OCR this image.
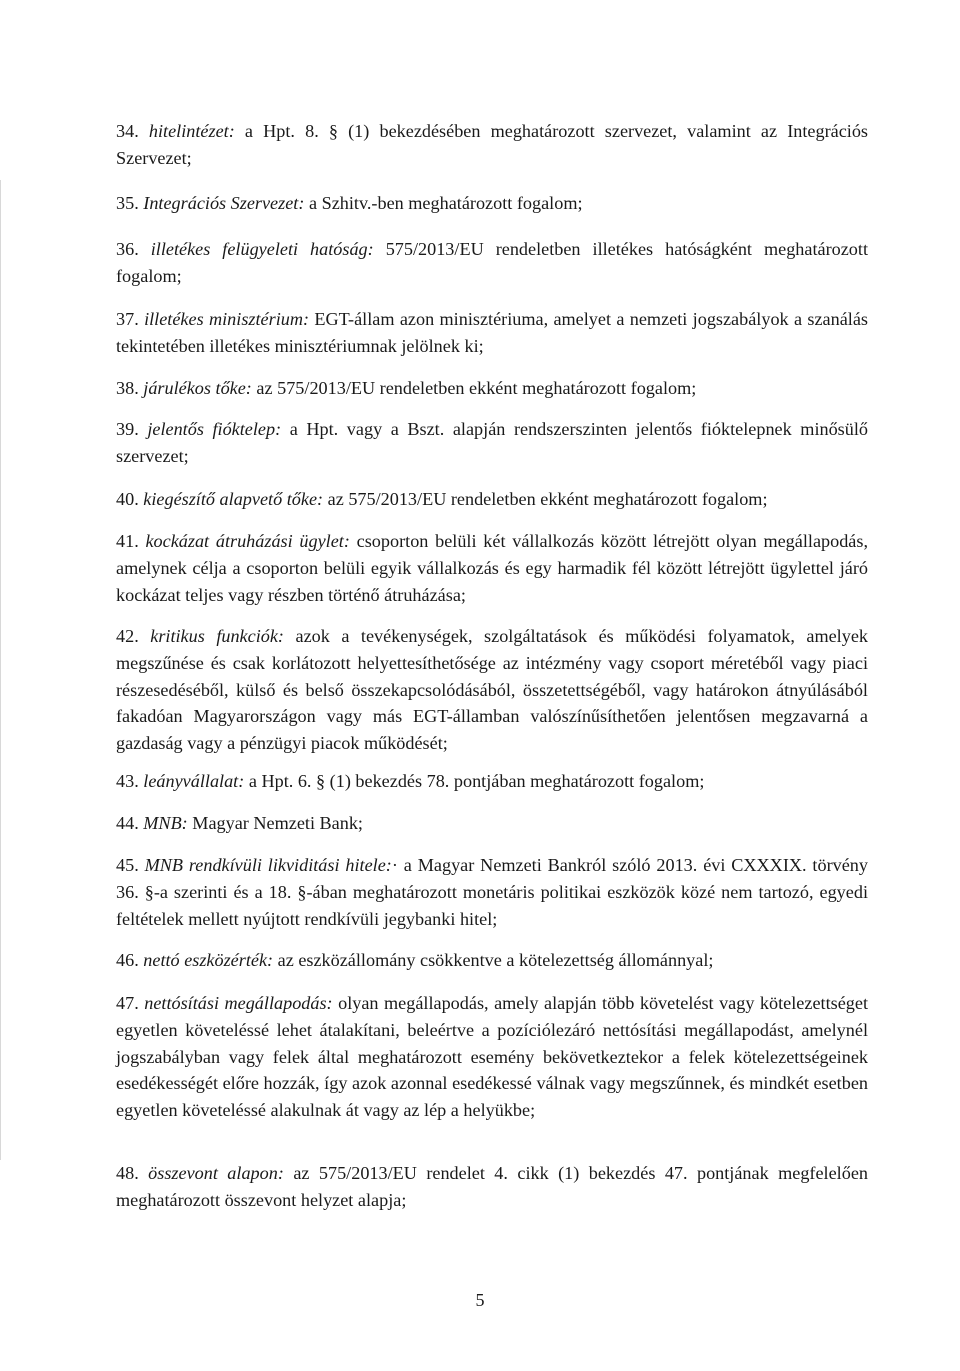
34. hitelintézet: a Hpt. 8. § (1) bekezdésében meghatározott szervezet, valamint az Integrációs Szervezet;

35. Integrációs Szervezet: a Szhitv.-ben meghatározott fogalom;

36. illetékes felügyeleti hatóság: 575/2013/EU rendeletben illetékes hatóságként meghatározott fogalom;

37. illetékes minisztérium: EGT-állam azon minisztériuma, amelyet a nemzeti jogszabályok a szanálás tekintetében illetékes minisztériumnak jelölnek ki;

38. járulékos tőke: az 575/2013/EU rendeletben ekként meghatározott fogalom;

39. jelentős fióktelep: a Hpt. vagy a Bszt. alapján rendszerszinten jelentős fióktelepnek minősülő szervezet;

40. kiegészítő alapvető tőke: az 575/2013/EU rendeletben ekként meghatározott fogalom;

41. kockázat átruházási ügylet: csoporton belüli két vállalkozás között létrejött olyan megállapodás, amelynek célja a csoporton belüli egyik vállalkozás és egy harmadik fél között létrejött ügylettel járó kockázat teljes vagy részben történő átruházása;

42. kritikus funkciók: azok a tevékenységek, szolgáltatások és működési folyamatok, amelyek megszűnése és csak korlátozott helyettesíthetősége az intézmény vagy csoport méretéből vagy piaci részesedéséből, külső és belső összekapcsolódásából, összetettségéből, vagy határokon átnyúlásából fakadóan Magyarországon vagy más EGT-államban valószínűsíthetően jelentősen megzavarná a gazdaság vagy a pénzügyi piacok működését;

43. leányvállalat: a Hpt. 6. § (1) bekezdés 78. pontjában meghatározott fogalom;

44. MNB: Magyar Nemzeti Bank;

45. MNB rendkívüli likviditási hitele:· a Magyar Nemzeti Bankról szóló 2013. évi CXXXIX. törvény 36. §-a szerinti és a 18. §-ában meghatározott monetáris politikai eszközök közé nem tartozó, egyedi feltételek mellett nyújtott rendkívüli jegybanki hitel;

46. nettó eszközérték: az eszközállomány csökkentve a kötelezettség állománnyal;

47. nettósítási megállapodás: olyan megállapodás, amely alapján több követelést vagy kötelezettséget egyetlen követeléssé lehet átalakítani, beleértve a pozíciólezáró nettósítási megállapodást, amelynél jogszabályban vagy felek által meghatározott esemény bekövetkeztekor a felek kötelezettségeinek esedékességét előre hozzák, így azok azonnal esedékessé válnak vagy megszűnnek, és mindkét esetben egyetlen követeléssé alakulnak át vagy az lép a helyükbe;

48. összevont alapon: az 575/2013/EU rendelet 4. cikk (1) bekezdés 47. pontjának megfelelően meghatározott összevont helyzet alapja;

5
